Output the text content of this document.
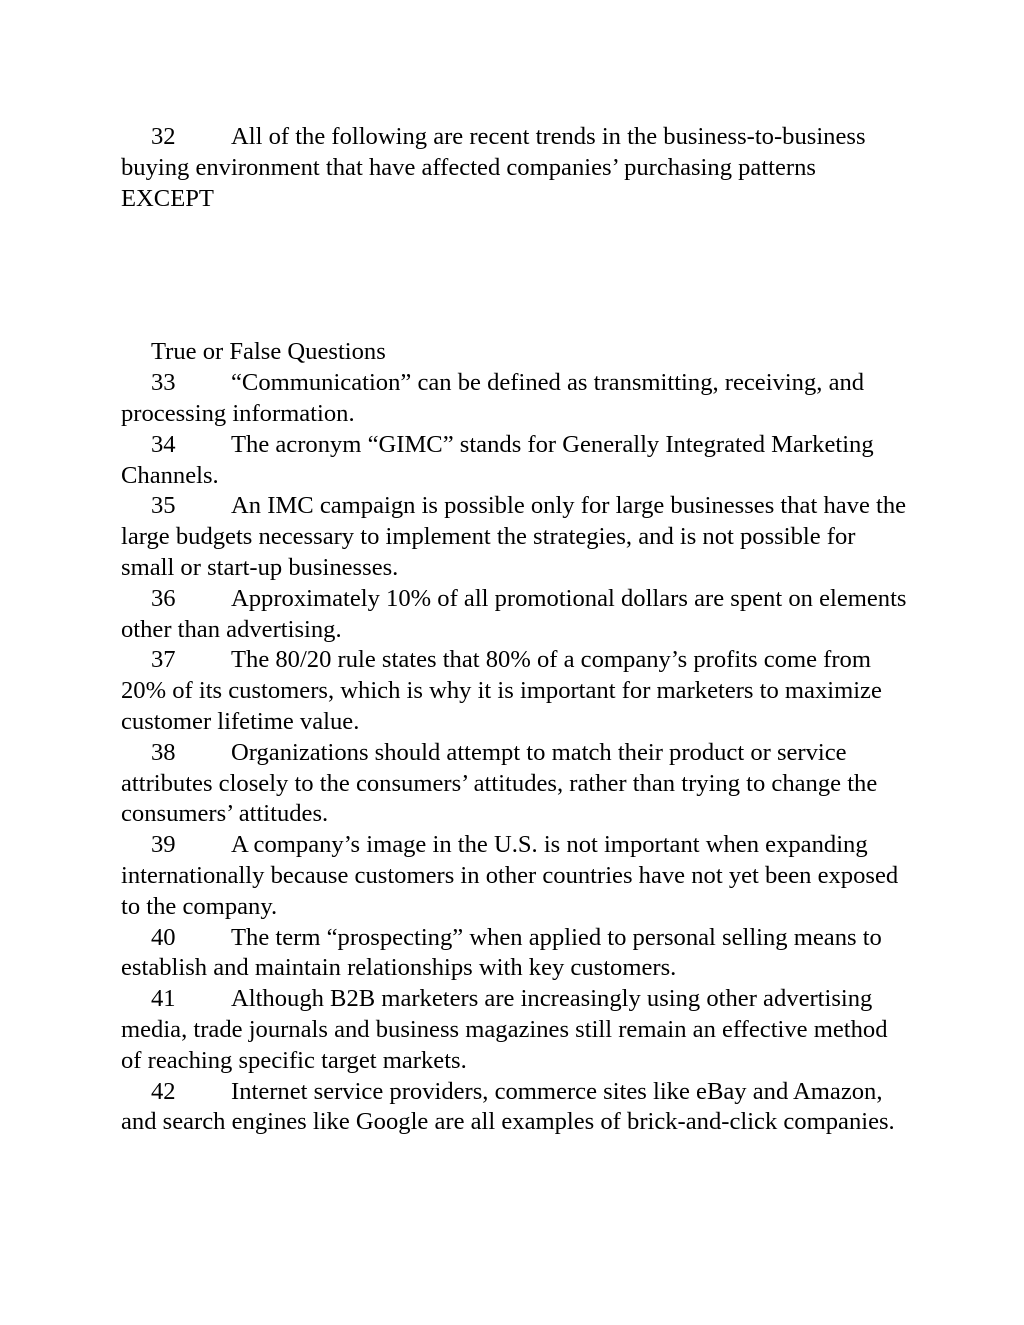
32 All of the following are recent trends in the business-to-business buying environment that have affected companies’ purchasing patterns EXCEPT

True or False Questions

33 “Communication” can be defined as transmitting, receiving, and processing information.

34 The acronym “GIMC” stands for Generally Integrated Marketing Channels.

35 An IMC campaign is possible only for large businesses that have the large budgets necessary to implement the strategies, and is not possible for small or start-up businesses.

36 Approximately 10% of all promotional dollars are spent on elements other than advertising.

37 The 80/20 rule states that 80% of a company’s profits come from 20% of its customers, which is why it is important for marketers to maximize customer lifetime value.

38 Organizations should attempt to match their product or service attributes closely to the consumers’ attitudes, rather than trying to change the consumers’ attitudes.

39 A company’s image in the U.S. is not important when expanding internationally because customers in other countries have not yet been exposed to the company.

40 The term “prospecting” when applied to personal selling means to establish and maintain relationships with key customers.

41 Although B2B marketers are increasingly using other advertising media, trade journals and business magazines still remain an effective method of reaching specific target markets.

42 Internet service providers, commerce sites like eBay and Amazon, and search engines like Google are all examples of brick-and-click companies.
